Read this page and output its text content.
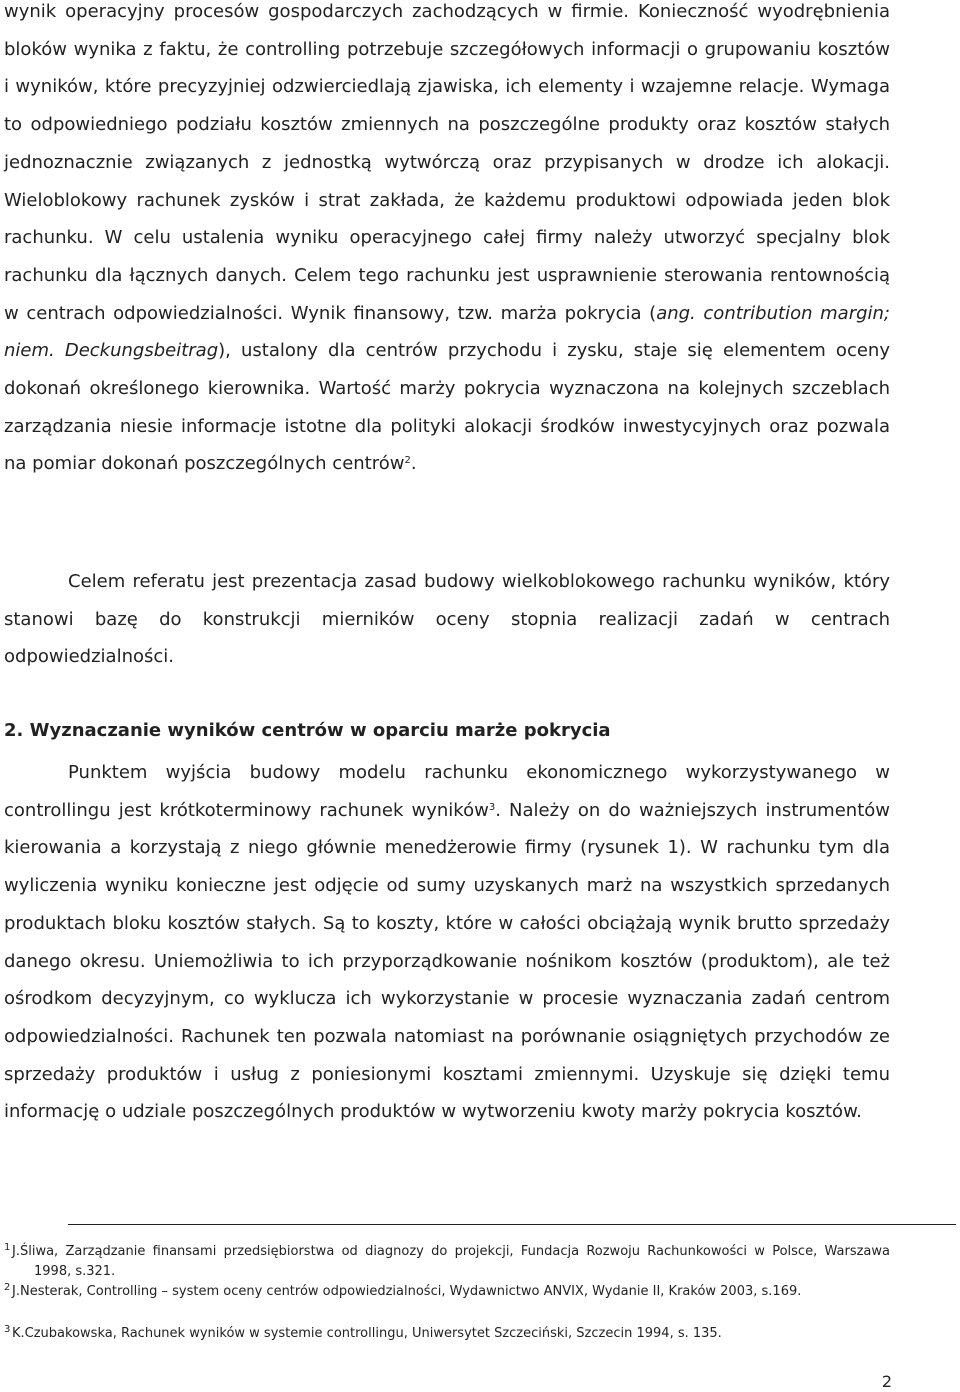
wynik operacyjny procesów gospodarczych zachodzących w firmie. Konieczność wyodrębnienia bloków wynika z faktu, że controlling potrzebuje szczegółowych informacji o grupowaniu kosztów i wyników, które precyzyjniej odzwierciedlają zjawiska, ich elementy i wzajemne relacje. Wymaga to odpowiedniego podziału kosztów zmiennych na poszczególne produkty oraz kosztów stałych jednoznacznie związanych z jednostką wytwórczą oraz przypisanych w drodze ich alokacji. Wieloblokowy rachunek zysków i strat zakłada, że każdemu produktowi odpowiada jeden blok rachunku. W celu ustalenia wyniku operacyjnego całej firmy należy utworzyć specjalny blok rachunku dla łącznych danych. Celem tego rachunku jest usprawnienie sterowania rentownością w centrach odpowiedzialności. Wynik finansowy, tzw. marża pokrycia (ang. contribution margin; niem. Deckungsbeitrag), ustalony dla centrów przychodu i zysku, staje się elementem oceny dokonań określonego kierownika. Wartość marży pokrycia wyznaczona na kolejnych szczeblach zarządzania niesie informacje istotne dla polityki alokacji środków inwestycyjnych oraz pozwala na pomiar dokonań poszczególnych centrów$^2$.

Celem referatu jest prezentacja zasad budowy wielkoblokowego rachunku wyników, który stanowi bazę do konstrukcji mierników oceny stopnia realizacji zadań w centrach odpowiedzialności.

2. Wyznaczanie wyników centrów w oparciu marże pokrycia

Punktem wyjścia budowy modelu rachunku ekonomicznego wykorzystywanego w controllingu jest krótkoterminowy rachunek wyników$^3$. Należy on do ważniejszych instrumentów kierowania a korzystają z niego głównie menedżerowie firmy (rysunek 1). W rachunku tym dla wyliczenia wyniku konieczne jest odjęcie od sumy uzyskanych marż na wszystkich sprzedanych produktach bloku kosztów stałych. Są to koszty, które w całości obciążają wynik brutto sprzedaży danego okresu. Uniemożliwia to ich przyporządkowanie nośnikom kosztów (produktom), ale też ośrodkom decyzyjnym, co wyklucza ich wykorzystanie w procesie wyznaczania zadań centrom odpowiedzialności. Rachunek ten pozwala natomiast na porównanie osiągniętych przychodów ze sprzedaży produktów i usług z poniesionymi kosztami zmiennymi. Uzyskuje się dzięki temu informację o udziale poszczególnych produktów w wytworzeniu kwoty marży pokrycia kosztów.

1 J.Śliwa, Zarządzanie finansami przedsiębiorstwa od diagnozy do projekcji, Fundacja Rozwoju Rachunkowości w Polsce, Warszawa 1998, s.321.
2 J.Nesterak, Controlling – system oceny centrów odpowiedzialności, Wydawnictwo ANVIX, Wydanie II, Kraków 2003, s.169.
3 K.Czubakowska, Rachunek wyników w systemie controllingu, Uniwersytet Szczeciński, Szczecin 1994, s. 135.
2
